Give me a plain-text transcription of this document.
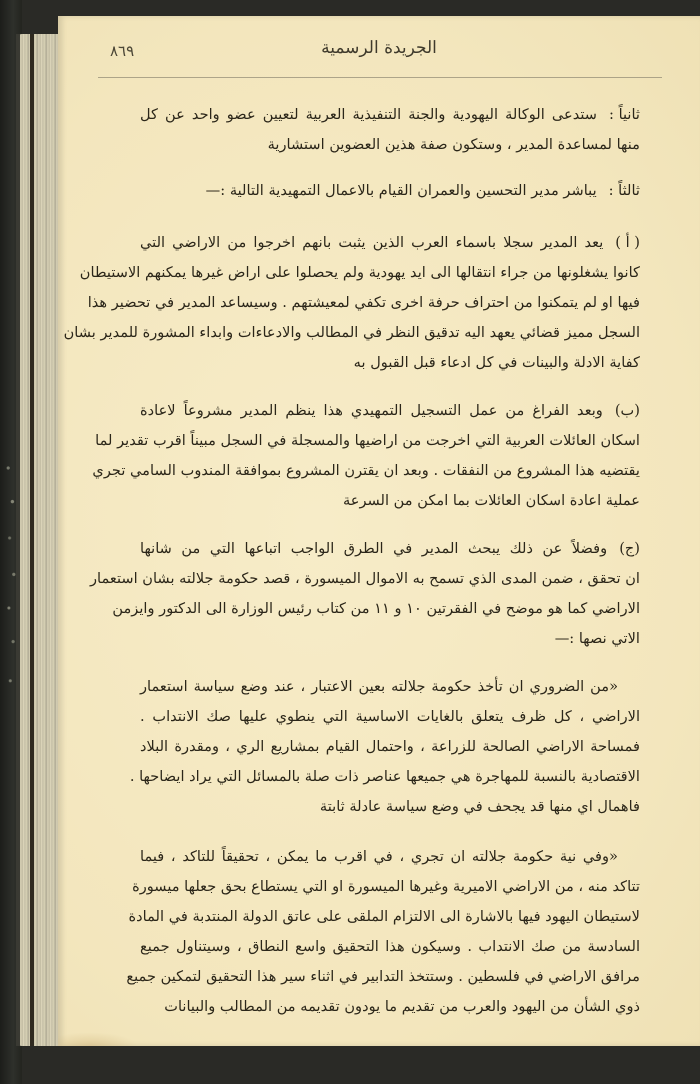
٨٦٩	الجريدة الرسمية
ثانياً :ستدعى الوكالة اليهودية والجنة التنفيذية العربية لتعيين عضو واحد عن كل
منها لمساعدة المدير ، وستكون صفة هذين العضوين استشارية
ثالثاً :يباشر مدير التحسين والعمران القيام بالاعمال التمهيدية التالية :—
( أ )يعد المدير سجلا باسماء العرب الذين يثبت بانهم اخرجوا من الاراضي التي
كانوا يشغلونها من جراء انتقالها الى ايد يهودية ولم يحصلوا على اراض غيرها يمكنهم الاستيطان
فيها او لم يتمكنوا من احتراف حرفة اخرى تكفي لمعيشتهم . وسيساعد المدير في تحضير هذا
السجل مميز قضائي يعهد اليه تدقيق النظر في المطالب والادعاءات وابداء المشورة للمدير بشان
كفاية الادلة والبينات في كل ادعاء قبل القبول به
(ب)وبعد الفراغ من عمل التسجيل التمهيدي هذا ينظم المدير مشروعاً لاعادة
اسكان العائلات العربية التي اخرجت من اراضيها والمسجلة في السجل مبيناً اقرب تقدير لما
يقتضيه هذا المشروع من النفقات . وبعد ان يقترن المشروع بموافقة المندوب السامي تجري
عملية اعادة اسكان العائلات بما امكن من السرعة
(ج)وفضلاً عن ذلك يبحث المدير في الطرق الواجب اتباعها التي من شانها
ان تحقق ، ضمن المدى الذي تسمح به الاموال الميسورة ، قصد حكومة جلالته بشان استعمار
الاراضي كما هو موضح في الفقرتين ١٠ و ١١ من كتاب رئيس الوزارة الى الدكتور وايزمن
الاتي نصها :—
«من الضروري ان تأخذ حكومة جلالته بعين الاعتبار ، عند وضع سياسة استعمار
الاراضي ، كل ظرف يتعلق بالغايات الاساسية التي ينطوي عليها صك الانتداب .
فمساحة الاراضي الصالحة للزراعة ، واحتمال القيام بمشاريع الري ، ومقدرة البلاد
الاقتصادية بالنسبة للمهاجرة هي جميعها عناصر ذات صلة بالمسائل التي يراد ايضاحها .
فاهمال اي منها قد يجحف في وضع سياسة عادلة ثابتة
«وفي نية حكومة جلالته ان تجري ، في اقرب ما يمكن ، تحقيقاً للتاكد ، فيما
تتاكد منه ، من الاراضي الاميرية وغيرها الميسورة او التي يستطاع بحق جعلها ميسورة
لاستيطان اليهود فيها بالاشارة الى الالتزام الملقى على عاتق الدولة المنتدبة في المادة
السادسة من صك الانتداب . وسيكون هذا التحقيق واسع النطاق ، وسيتناول جميع
مرافق الاراضي في فلسطين . وستتخذ التدابير في اثناء سير هذا التحقيق لتمكين جميع
ذوي الشأن من اليهود والعرب من تقديم ما يودون تقديمه من المطالب والبيانات
